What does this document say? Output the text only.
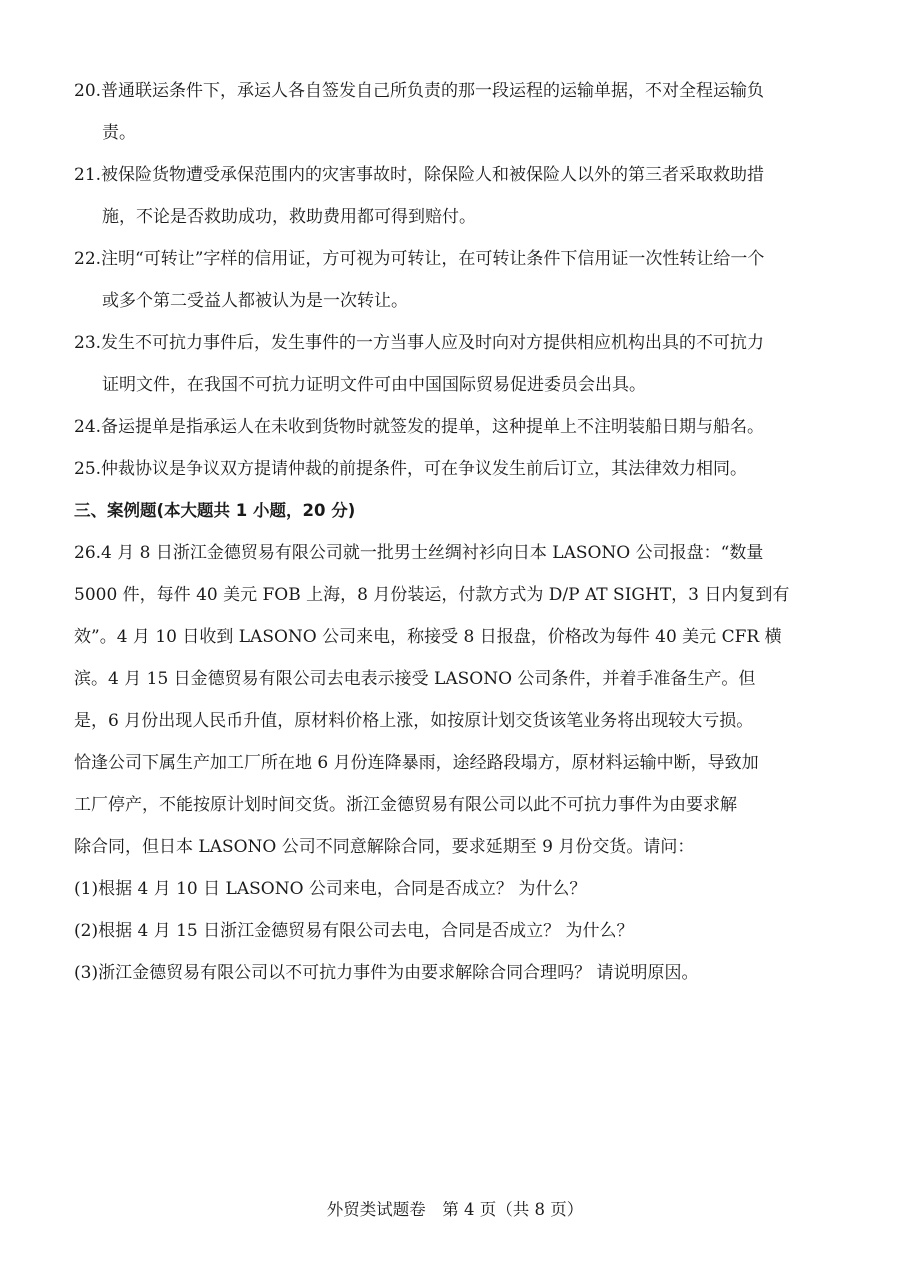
20.普通联运条件下，承运人各自签发自己所负责的那一段运程的运输单据，不对全程运输负
责。
21.被保险货物遭受承保范围内的灾害事故时，除保险人和被保险人以外的第三者采取救助措
施，不论是否救助成功，救助费用都可得到赔付。
22.注明“可转让”字样的信用证，方可视为可转让，在可转让条件下信用证一次性转让给一个
或多个第二受益人都被认为是一次转让。
23.发生不可抗力事件后，发生事件的一方当事人应及时向对方提供相应机构出具的不可抗力
证明文件，在我国不可抗力证明文件可由中国国际贸易促进委员会出具。
24.备运提单是指承运人在未收到货物时就签发的提单，这种提单上不注明装船日期与船名。
25.仲裁协议是争议双方提请仲裁的前提条件，可在争议发生前后订立，其法律效力相同。
三、案例题(本大题共 1 小题，20 分)

26.4 月 8 日浙江金德贸易有限公司就一批男士丝绸衬衫向日本 LASONO 公司报盘：“数量

5000 件，每件 40 美元 FOB 上海，8 月份装运，付款方式为 D/P AT SIGHT，3 日内复到有

效”。4 月 10 日收到 LASONO 公司来电，称接受 8 日报盘，价格改为每件 40 美元 CFR 横

滨。4 月 15 日金德贸易有限公司去电表示接受 LASONO 公司条件，并着手准备生产。但

是，6 月份出现人民币升值，原材料价格上涨，如按原计划交货该笔业务将出现较大亏损。

恰逢公司下属生产加工厂所在地 6 月份连降暴雨，途经路段塌方，原材料运输中断，导致加

工厂停产，不能按原计划时间交货。浙江金德贸易有限公司以此不可抗力事件为由要求解

除合同，但日本 LASONO 公司不同意解除合同，要求延期至 9 月份交货。请问：

(1)根据 4 月 10 日 LASONO 公司来电，合同是否成立？ 为什么？
(2)根据 4 月 15 日浙江金德贸易有限公司去电，合同是否成立？ 为什么？
(3)浙江金德贸易有限公司以不可抗力事件为由要求解除合同合理吗？ 请说明原因。
外贸类试题卷　第 4 页（共 8 页）
